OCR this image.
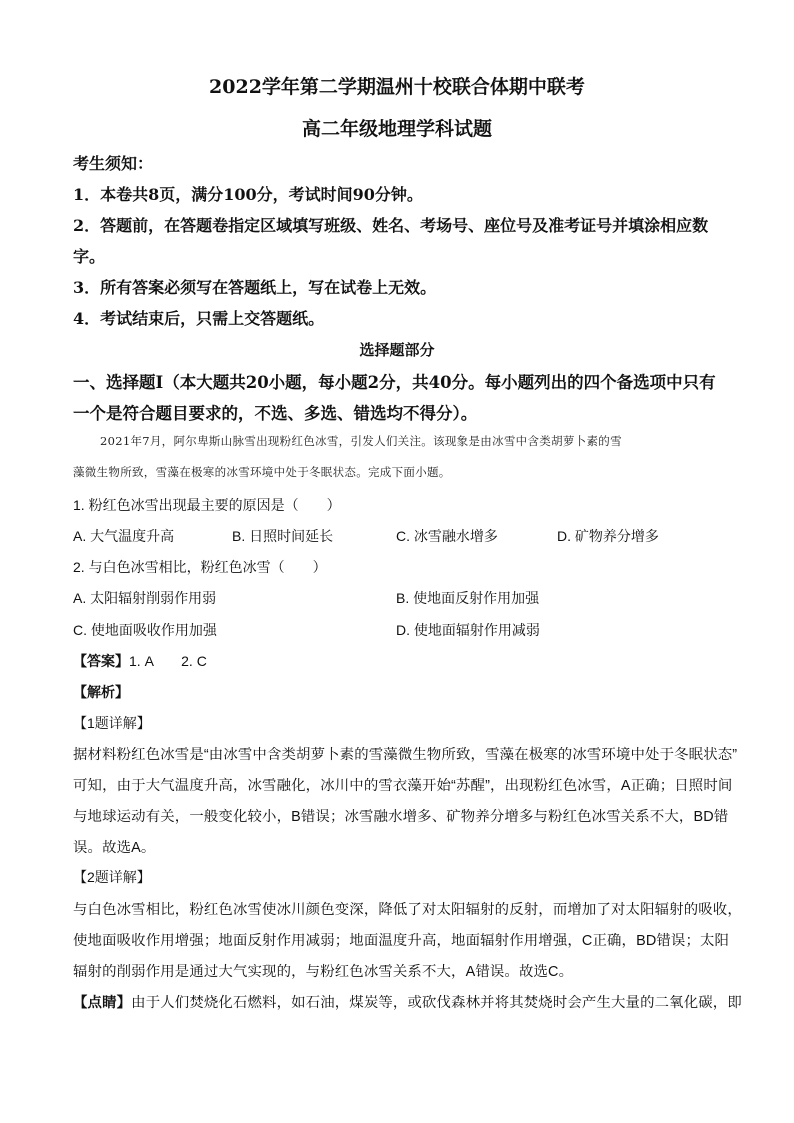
2022学年第二学期温州十校联合体期中联考
高二年级地理学科试题
考生须知：
1．本卷共8页，满分100分，考试时间90分钟。
2．答题前，在答题卷指定区域填写班级、姓名、考场号、座位号及准考证号并填涂相应数
字。
3．所有答案必须写在答题纸上，写在试卷上无效。
4．考试结束后，只需上交答题纸。
选择题部分
一、选择题Ⅰ（本大题共20小题，每小题2分，共40分。每小题列出的四个备选项中只有
一个是符合题目要求的，不选、多选、错选均不得分）。
2021年7月，阿尔卑斯山脉雪出现粉红色冰雪，引发人们关注。该现象是由冰雪中含类胡萝卜素的雪
藻微生物所致，雪藻在极寒的冰雪环境中处于冬眠状态。完成下面小题。
1. 粉红色冰雪出现最主要的原因是（　　）
A. 大气温度升高	B. 日照时间延长	C. 冰雪融水增多	D. 矿物养分增多
2. 与白色冰雪相比，粉红色冰雪（　　）
A. 太阳辐射削弱作用弱	B. 使地面反射作用加强
C. 使地面吸收作用加强	D. 使地面辐射作用减弱
【答案】1. A　　2. C
【解析】
【1题详解】
据材料粉红色冰雪是“由冰雪中含类胡萝卜素的雪藻微生物所致，雪藻在极寒的冰雪环境中处于冬眠状态”
可知，由于大气温度升高，冰雪融化，冰川中的雪衣藻开始“苏醒”，出现粉红色冰雪，A正确；日照时间
与地球运动有关，一般变化较小，B错误；冰雪融水增多、矿物养分增多与粉红色冰雪关系不大，BD错
误。故选A。
【2题详解】
与白色冰雪相比，粉红色冰雪使冰川颜色变深，降低了对太阳辐射的反射，而增加了对太阳辐射的吸收，
使地面吸收作用增强；地面反射作用减弱；地面温度升高，地面辐射作用增强，C正确，BD错误；太阳
辐射的削弱作用是通过大气实现的，与粉红色冰雪关系不大，A错误。故选C。
【点睛】由于人们焚烧化石燃料，如石油，煤炭等，或砍伐森林并将其焚烧时会产生大量的二氧化碳，即
